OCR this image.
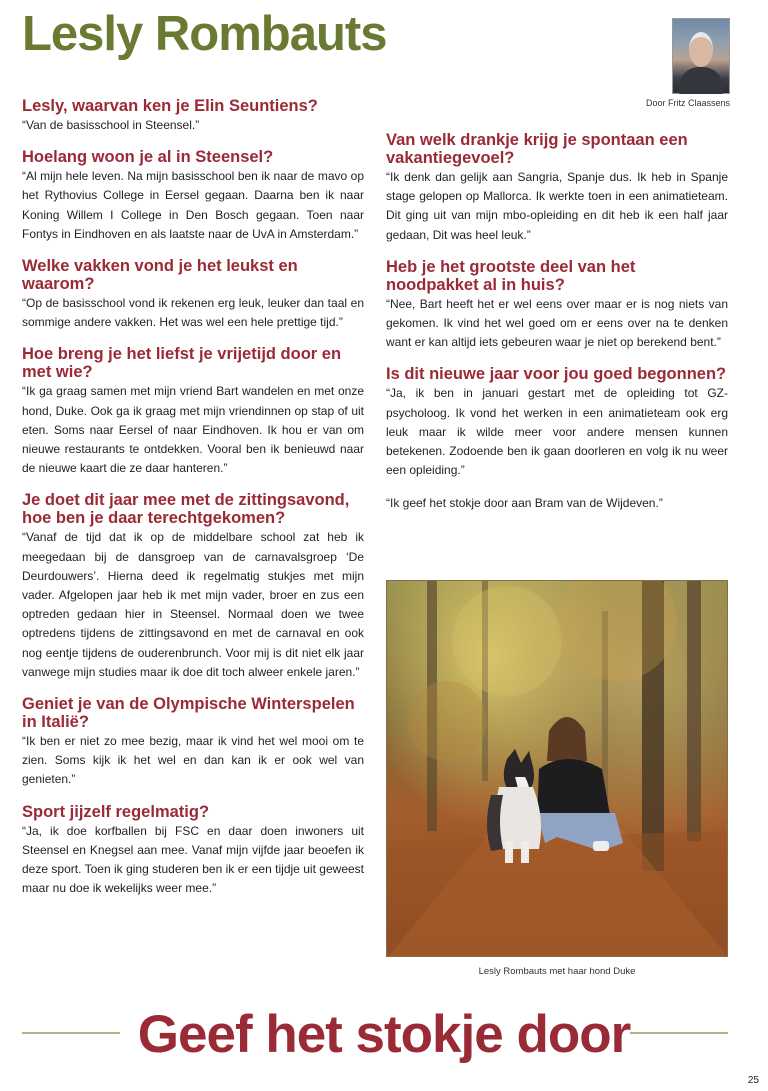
Lesly Rombauts
Door Fritz Claassens
Lesly, waarvan ken je Elin Seuntiens?

“Van de basisschool in Steensel.”

Hoelang woon je al in Steensel?

“Al mijn hele leven. Na mijn basisschool ben ik naar de mavo op het Rythovius College in Eersel gegaan. Daarna ben ik naar Koning Willem I College in Den Bosch gegaan. Toen naar Fontys in Eindhoven en als laatste naar de UvA in Amsterdam.”

Welke vakken vond je het leukst en waarom?

“Op de basisschool vond ik rekenen erg leuk, leuker dan taal en sommige andere vakken. Het was wel een hele prettige tijd.”

Hoe breng je het liefst je vrijetijd door en met wie?

“Ik ga graag samen met mijn vriend Bart wandelen en met onze hond, Duke. Ook ga ik graag met mijn vriendinnen op stap of uit eten. Soms naar Eersel of naar Eindhoven. Ik hou er van om nieuwe restaurants te ontdekken. Vooral ben ik benieuwd naar de nieuwe kaart die ze daar hanteren.”

Je doet dit jaar mee met de zittingsavond, hoe ben je daar terechtgekomen?

“Vanaf de tijd dat ik op de middelbare school zat heb ik meegedaan bij de dansgroep van de carnavalsgroep ‘De Deurdouwers’. Hierna deed ik regelmatig stukjes met mijn vader. Afgelopen jaar heb ik met mijn vader, broer en zus een optreden gedaan hier in Steensel. Normaal doen we twee optredens tijdens de zittingsavond en met de carnaval en ook nog eentje tijdens de ouderenbrunch. Voor mij is dit niet elk jaar vanwege mijn studies maar ik doe dit toch alweer enkele jaren.”

Geniet je van de Olympische Winterspelen in Italië?

“Ik ben er niet zo mee bezig, maar ik vind het wel mooi om te zien. Soms kijk ik het wel en dan kan ik er ook wel van genieten.”

Sport jijzelf regelmatig?

“Ja, ik doe korfballen bij FSC en daar doen inwoners uit Steensel en Knegsel aan mee. Vanaf mijn vijfde jaar beoefen ik deze sport. Toen ik ging studeren ben ik er een tijdje uit geweest maar nu doe ik wekelijks weer mee.”

Van welk drankje krijg je spontaan een vakantiegevoel?

“Ik denk dan gelijk aan Sangria, Spanje dus. Ik heb in Spanje stage gelopen op Mallorca. Ik werkte toen in een animatieteam. Dit ging uit van mijn mbo-opleiding en dit heb ik een half jaar gedaan, Dit was heel leuk.”

Heb je het grootste deel van het noodpakket al in huis?

“Nee, Bart heeft het er wel eens over maar er is nog niets van gekomen. Ik vind het wel goed om er eens over na te denken want er kan altijd iets gebeuren waar je niet op berekend bent.”

Is dit nieuwe jaar voor jou goed begonnen?

“Ja, ik ben in januari gestart met de opleiding tot GZ-psycholoog. Ik vond het werken in een animatieteam ook erg leuk maar ik wilde meer voor andere mensen kunnen betekenen. Zodoende ben ik gaan doorleren en volg ik nu weer een opleiding.”

“Ik geef het stokje door aan Bram van de Wijdeven.”

Lesly Rombauts met haar hond Duke
Geef het stokje door
25
